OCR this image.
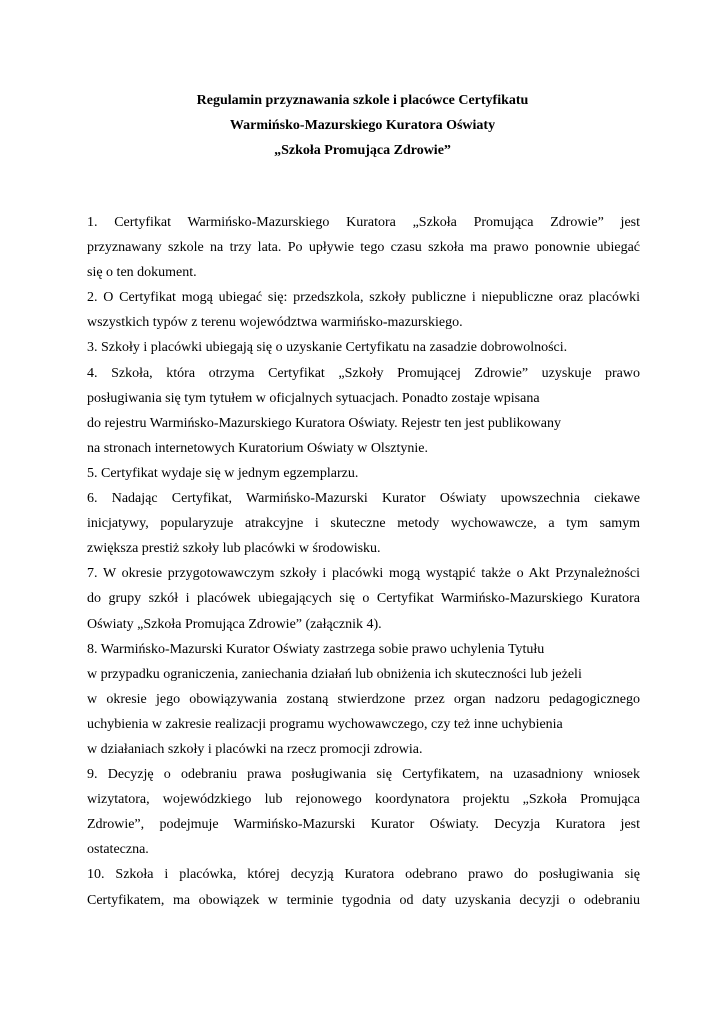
Regulamin przyznawania szkole i placówce Certyfikatu
Warmińsko-Mazurskiego Kuratora Oświaty
„Szkoła Promująca Zdrowie”
1. Certyfikat Warmińsko-Mazurskiego Kuratora „Szkoła Promująca Zdrowie” jest
przyznawany szkole na trzy lata. Po upływie tego czasu szkoła ma prawo ponownie ubiegać
się o ten dokument.
2. O Certyfikat mogą ubiegać się: przedszkola, szkoły publiczne i niepubliczne oraz placówki
wszystkich typów z terenu województwa warmińsko-mazurskiego.
3. Szkoły i placówki ubiegają się o uzyskanie Certyfikatu na zasadzie dobrowolności.
4. Szkoła, która otrzyma Certyfikat „Szkoły Promującej Zdrowie” uzyskuje prawo
posługiwania się tym tytułem w oficjalnych sytuacjach. Ponadto zostaje wpisana
do rejestru Warmińsko-Mazurskiego Kuratora Oświaty. Rejestr ten jest publikowany
na stronach internetowych Kuratorium Oświaty w Olsztynie.
5. Certyfikat wydaje się w jednym egzemplarzu.
6. Nadając Certyfikat, Warmińsko-Mazurski Kurator Oświaty upowszechnia ciekawe
inicjatywy, popularyzuje atrakcyjne i skuteczne metody wychowawcze, a tym samym
zwiększa prestiż szkoły lub placówki w środowisku.
7. W okresie przygotowawczym szkoły i placówki mogą wystąpić także o Akt Przynależności
do grupy szkół i placówek ubiegających się o Certyfikat Warmińsko-Mazurskiego Kuratora
Oświaty „Szkoła Promująca Zdrowie” (załącznik 4).
8. Warmińsko-Mazurski Kurator Oświaty zastrzega sobie prawo uchylenia Tytułu
w przypadku ograniczenia, zaniechania działań lub obniżenia ich skuteczności lub jeżeli
w okresie jego obowiązywania zostaną stwierdzone przez organ nadzoru pedagogicznego
uchybienia w zakresie realizacji programu wychowawczego, czy też inne uchybienia
w działaniach szkoły i placówki na rzecz promocji zdrowia.
9. Decyzję o odebraniu prawa posługiwania się Certyfikatem, na uzasadniony wniosek
wizytatora, wojewódzkiego lub rejonowego koordynatora projektu „Szkoła Promująca
Zdrowie”, podejmuje Warmińsko-Mazurski Kurator Oświaty. Decyzja Kuratora jest
ostateczna.
10. Szkoła i placówka, której decyzją Kuratora odebrano prawo do posługiwania się
Certyfikatem, ma obowiązek w terminie tygodnia od daty uzyskania decyzji o odebraniu
